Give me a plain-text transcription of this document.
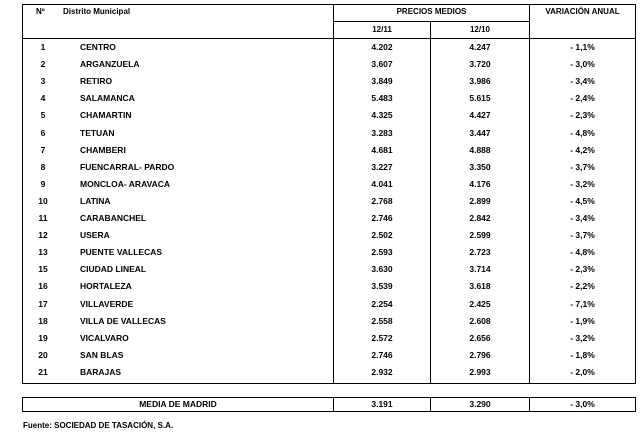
Nº Distrito Municipal	PRECIOS MEDIOS	VARIACIÓN ANUAL
12/11	12/10
1	CENTRO	4.202	4.247	- 1,1%
2	ARGANZUELA	3.607	3.720	- 3,0%
3	RETIRO	3.849	3.986	- 3,4%
4	SALAMANCA	5.483	5.615	- 2,4%
5	CHAMARTIN	4.325	4.427	- 2,3%
6	TETUAN	3.283	3.447	- 4,8%
7	CHAMBERI	4.681	4.888	- 4,2%
8	FUENCARRAL- PARDO	3.227	3.350	- 3,7%
9	MONCLOA- ARAVACA	4.041	4.176	- 3,2%
10	LATINA	2.768	2.899	- 4,5%
11	CARABANCHEL	2.746	2.842	- 3,4%
12	USERA	2.502	2.599	- 3,7%
13	PUENTE VALLECAS	2.593	2.723	- 4,8%
15	CIUDAD LINEAL	3.630	3.714	- 2,3%
16	HORTALEZA	3.539	3.618	- 2,2%
17	VILLAVERDE	2.254	2.425	- 7,1%
18	VILLA DE VALLECAS	2.558	2.608	- 1,9%
19	VICALVARO	2.572	2.656	- 3,2%
20	SAN BLAS	2.746	2.796	- 1,8%
21	BARAJAS	2.932	2.993	- 2,0%
MEDIA DE MADRID	3.191	3.290	- 3,0%
Fuente: SOCIEDAD DE TASACIÓN, S.A.
